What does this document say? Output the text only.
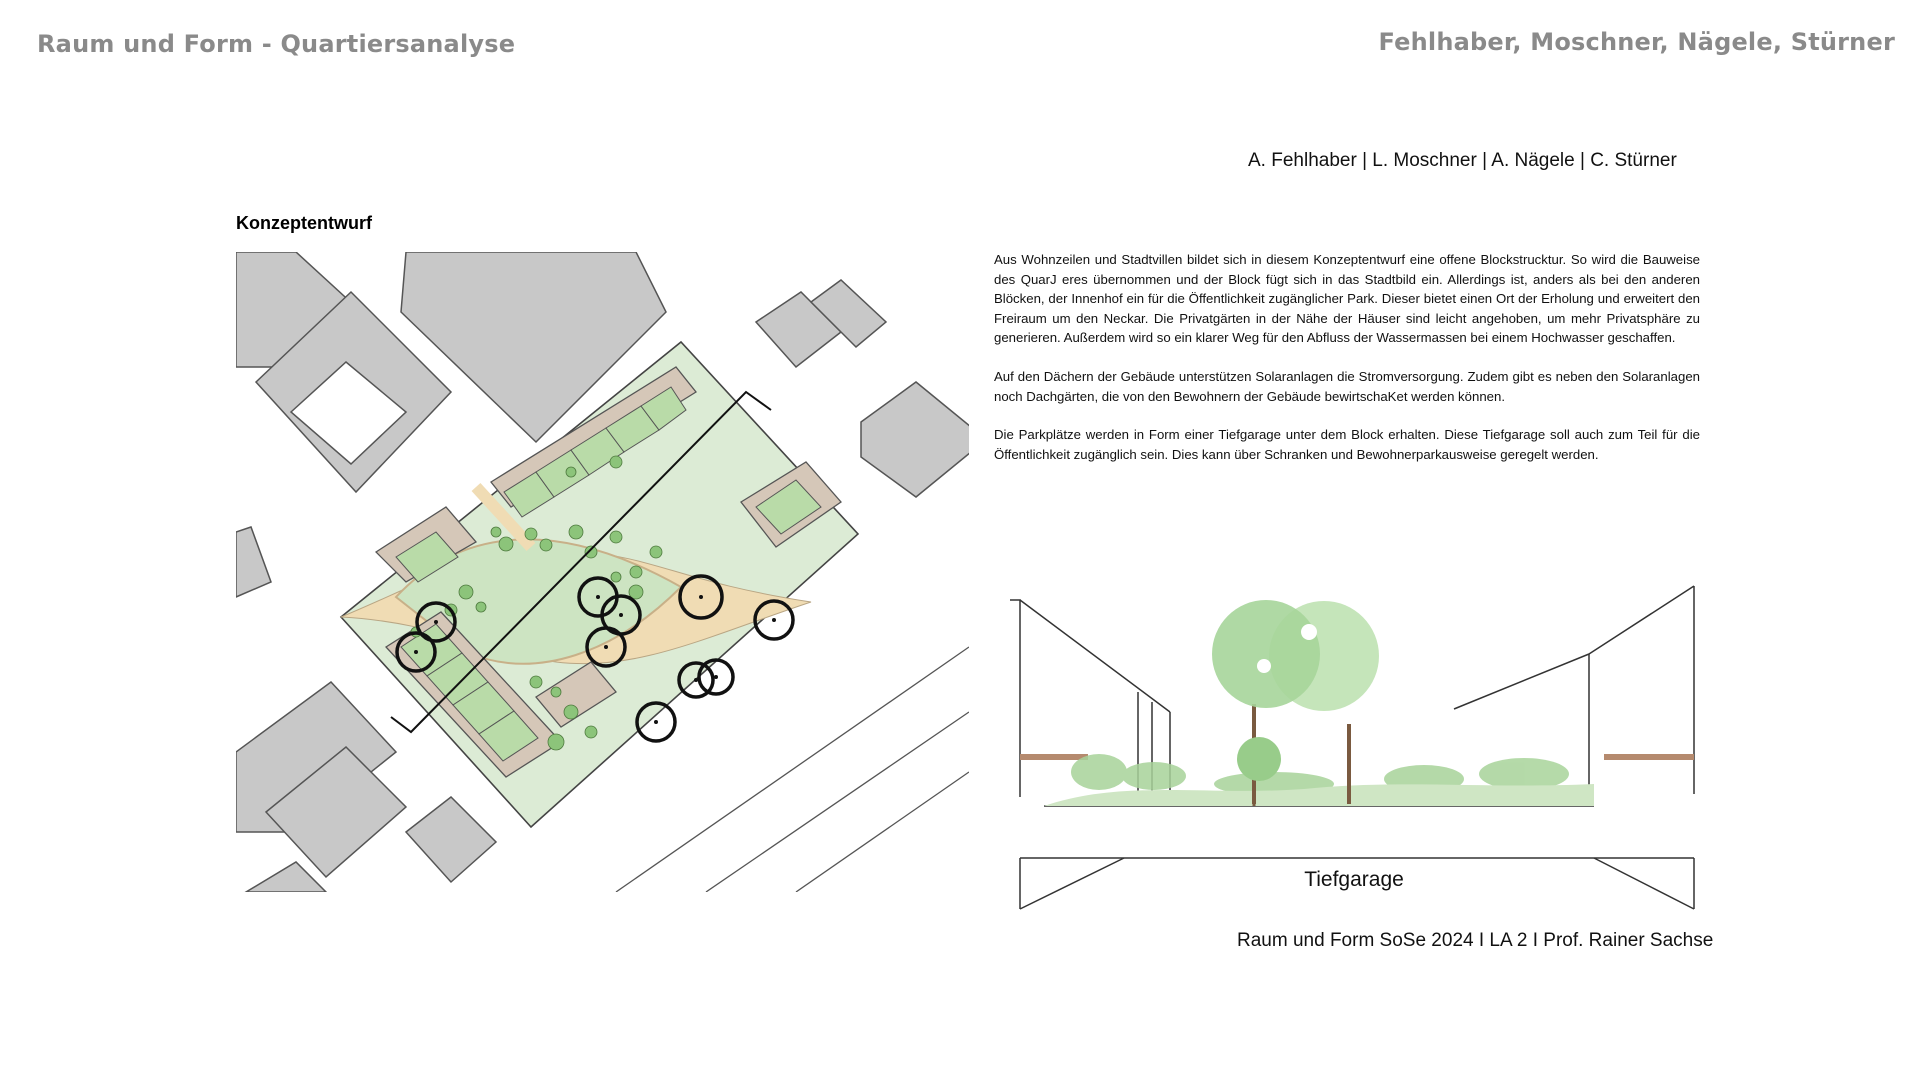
Raum und Form - Quartiersanalyse	Fehlhaber, Moschner, Nägele, Stürner
A. Fehlhaber | L. Moschner | A. Nägele | C. Stürner
Konzeptentwurf

Aus Wohnzeilen und Stadtvillen bildet sich in diesem Konzeptentwurf eine offene Blockstrucktur. So wird die Bauweise des QuarJ eres übernommen und der Block fügt sich in das Stadtbild ein. Allerdings ist, anders als bei den anderen Blöcken, der Innenhof ein für die Öffentlichkeit zugänglicher Park. Dieser bietet einen Ort der Erholung und erweitert den Freiraum um den Neckar. Die Privatgärten in der Nähe der Häuser sind leicht angehoben, um mehr Privatsphäre zu generieren. Außerdem wird so ein klarer Weg für den Abfluss der Wassermassen bei einem Hochwasser geschaffen.

Auf den Dächern der Gebäude unterstützen Solaranlagen die Stromversorgung. Zudem gibt es neben den Solaranlagen noch Dachgärten, die von den Bewohnern der Gebäude bewirtschaKet werden können.

Die Parkplätze werden in Form einer Tiefgarage unter dem Block erhalten. Diese Tiefgarage soll auch zum Teil für die Öffentlichkeit zugänglich sein. Dies kann über Schranken und Bewohnerparkausweise geregelt werden.

Tiefgarage
Raum und Form SoSe 2024 I LA 2 I Prof. Rainer Sachse
